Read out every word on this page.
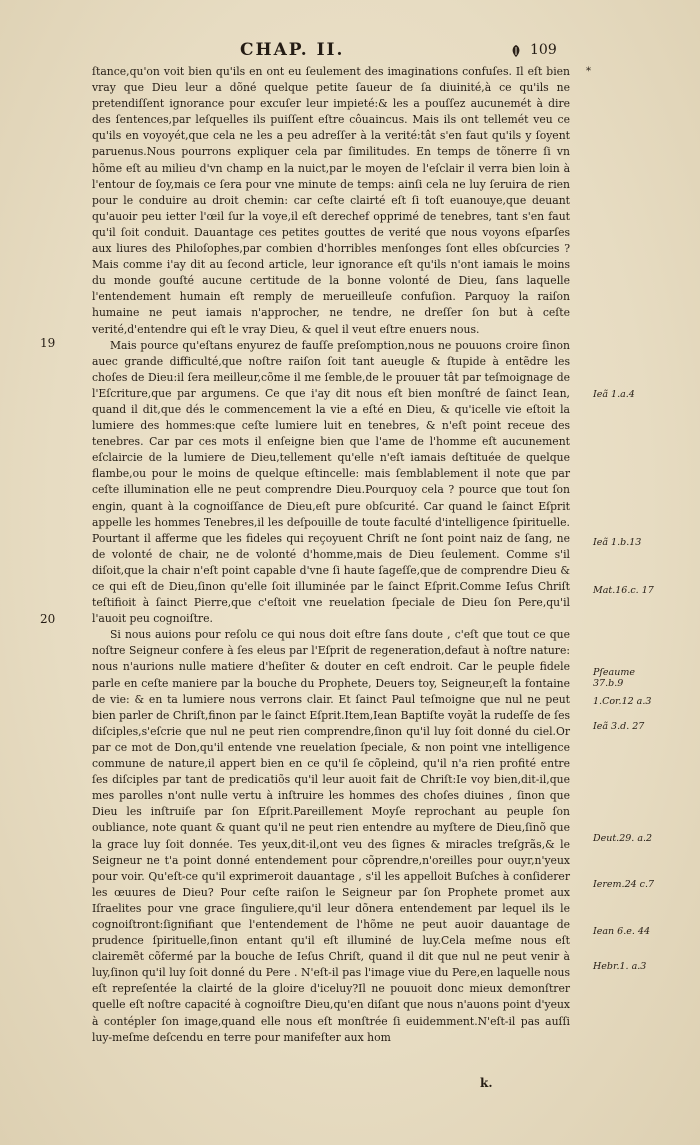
CHAP. II.	109
*

ſtance,qu'on voit bien qu'ils en ont eu ſeulement des imaginations confuſes. Il eſt bien vray que Dieu leur a dõné quelque petite ſaueur de ſa diuinité,à ce qu'ils ne pretendiſſent ignorance pour excuſer leur impieté:& les a pouſſez aucunemét à dire des ſentences,par leſquelles ils puiſſent eſtre côuaincus. Mais ils ont tellemét veu ce qu'ils en voyoyét,que cela ne les a peu adreſſer à la verité:tât s'en faut qu'ils y ſoyent paruenus.Nous pourrons expliquer cela par ſimilitudes. En temps de tõnerre ſi vn hõme eſt au milieu d'vn champ en la nuict,par le moyen de l'eſclair il verra bien loin à l'entour de ſoy,mais ce ſera pour vne minute de temps: ainſi cela ne luy ſeruira de rien pour le conduire au droit chemin: car ceſte clairté eſt ſi toſt euanouye,que deuant qu'auoir peu ietter l'œil ſur la voye,il eſt derechef opprimé de tenebres, tant s'en faut qu'il ſoit conduit. Dauantage ces petites gouttes de verité que nous voyons eſparſes aux liures des Philoſophes,par combien d'horribles menſonges ſont elles obſcurcies ? Mais comme i'ay dit au ſecond article, leur ignorance eſt qu'ils n'ont iamais le moins du monde gouſté aucune certitude de la bonne volonté de Dieu, ſans laquelle l'entendement humain eſt remply de merueilleuſe confuſion. Parquoy la raiſon humaine ne peut iamais n'approcher, ne tendre, ne dreſſer ſon but à ceſte verité,d'entendre qui eſt le vray Dieu, & quel il veut eſtre enuers nous.

Mais pource qu'eſtans enyurez de fauſſe preſomption,nous ne pouuons croire ſinon auec grande difficulté,que noſtre raiſon ſoit tant aueugle & ſtupide à entẽdre les choſes de Dieu:il ſera meilleur,cõme il me ſemble,de le prouuer tât par teſmoignage de l'Eſcriture,que par argumens. Ce que i'ay dit nous eſt bien monſtré de ſainct Iean, quand il dit,que dés le commencement la vie a eſté en Dieu, & qu'icelle vie eſtoit la lumiere des hommes:que ceſte lumiere luit en tenebres, & n'eſt point receue des tenebres. Car par ces mots il enſeigne bien que l'ame de l'homme eſt aucunement eſclaircie de la lumiere de Dieu,tellement qu'elle n'eſt iamais deſtituée de quelque flambe,ou pour le moins de quelque eſtincelle: mais ſemblablement il note que par ceſte illumination elle ne peut comprendre Dieu.Pourquoy cela ? pource que tout ſon engin, quant à la cognoiſſance de Dieu,eſt pure obſcurité. Car quand le ſainct Eſprit appelle les hommes Tenebres,il les deſpouille de toute faculté d'intelligence ſpirituelle. Pourtant il afferme que les fideles qui reçoyuent Chriſt ne ſont point naiz de ſang, ne de volonté de chair, ne de volonté d'homme,mais de Dieu ſeulement. Comme s'il diſoit,que la chair n'eſt point capable d'vne ſi haute ſageſſe,que de comprendre Dieu & ce qui eſt de Dieu,ſinon qu'elle ſoit illuminée par le ſainct Eſprit.Comme Ieſus Chriſt teſtifioit à ſainct Pierre,que c'eſtoit vne reuelation ſpeciale de Dieu ſon Pere,qu'il l'auoit peu cognoiſtre.

Si nous auions pour reſolu ce qui nous doit eſtre ſans doute , c'eſt que tout ce que noſtre Seigneur confere à ſes eleus par l'Eſprit de regeneration,defaut à noſtre nature: nous n'aurions nulle matiere d'heſiter & douter en ceſt endroit. Car le peuple fidele parle en ceſte maniere par la bouche du Prophete, Deuers toy, Seigneur,eſt la fontaine de vie: & en ta lumiere nous verrons clair. Et ſainct Paul teſmoigne que nul ne peut bien parler de Chriſt,finon par le ſainct Eſprit.Item,Iean Baptiſte voyãt la rudeſſe de ſes diſciples,s'eſcrie que nul ne peut rien comprendre,ſinon qu'il luy ſoit donné du ciel.Or par ce mot de Don,qu'il entende vne reuelation ſpeciale, & non point vne intelligence commune de nature,il appert bien en ce qu'il ſe cõpleind, qu'il n'a rien profité entre ſes diſciples par tant de predicatiõs qu'il leur auoit fait de Chriſt:Ie voy bien,dit-il,que mes parolles n'ont nulle vertu à inſtruire les hommes des choſes diuines , ſinon que Dieu les inſtruiſe par ſon Eſprit.Pareillement Moyſe reprochant au peuple ſon oubliance, note quant & quant qu'il ne peut rien entendre au myſtere de Dieu,ſinõ que la grace luy ſoit donnée. Tes yeux,dit-il,ont veu des ſignes & miracles treſgrãs,& le Seigneur ne t'a point donné entendement pour cõprendre,n'oreilles pour ouyr,n'yeux pour voir. Qu'eſt-ce qu'il exprimeroit dauantage , s'il les appelloit Buſches à conſiderer les œuures de Dieu? Pour ceſte raiſon le Seigneur par ſon Prophete promet aux Iſraelites pour vne grace ſinguliere,qu'il leur dõnera entendement par lequel ils le cognoiſtront:ſignifiant que l'entendement de l'hõme ne peut auoir dauantage de prudence ſpirituelle,ſinon entant qu'il eſt illuminé de luy.Cela meſme nous eſt clairemẽt cõfermé par la bouche de Ieſus Chriſt, quand il dit que nul ne peut venir à luy,ſinon qu'il luy ſoit donné du Pere . N'eſt-il pas l'image viue du Pere,en laquelle nous eſt repreſentée la clairté de la gloire d'iceluy?Il ne pouuoit donc mieux demonſtrer quelle eſt noſtre capacité à cognoiſtre Dieu,qu'en diſant que nous n'auons point d'yeux à contépler ſon image,quand elle nous eſt monſtrée ſi euidemment.N'eſt-il pas auſſi luy-meſme deſcendu en terre pour manifeſter aux hom

19
20
Ieã 1.a.4
Ieã 1.b.13
Mat.16.c. 17
Pſeaume 37.b.9
1.Cor.12 a.3
Ieã 3.d. 27
Deut.29. a.2
Ierem.24 c.7
Iean 6.e. 44
Hebr.1. a.3
k.
